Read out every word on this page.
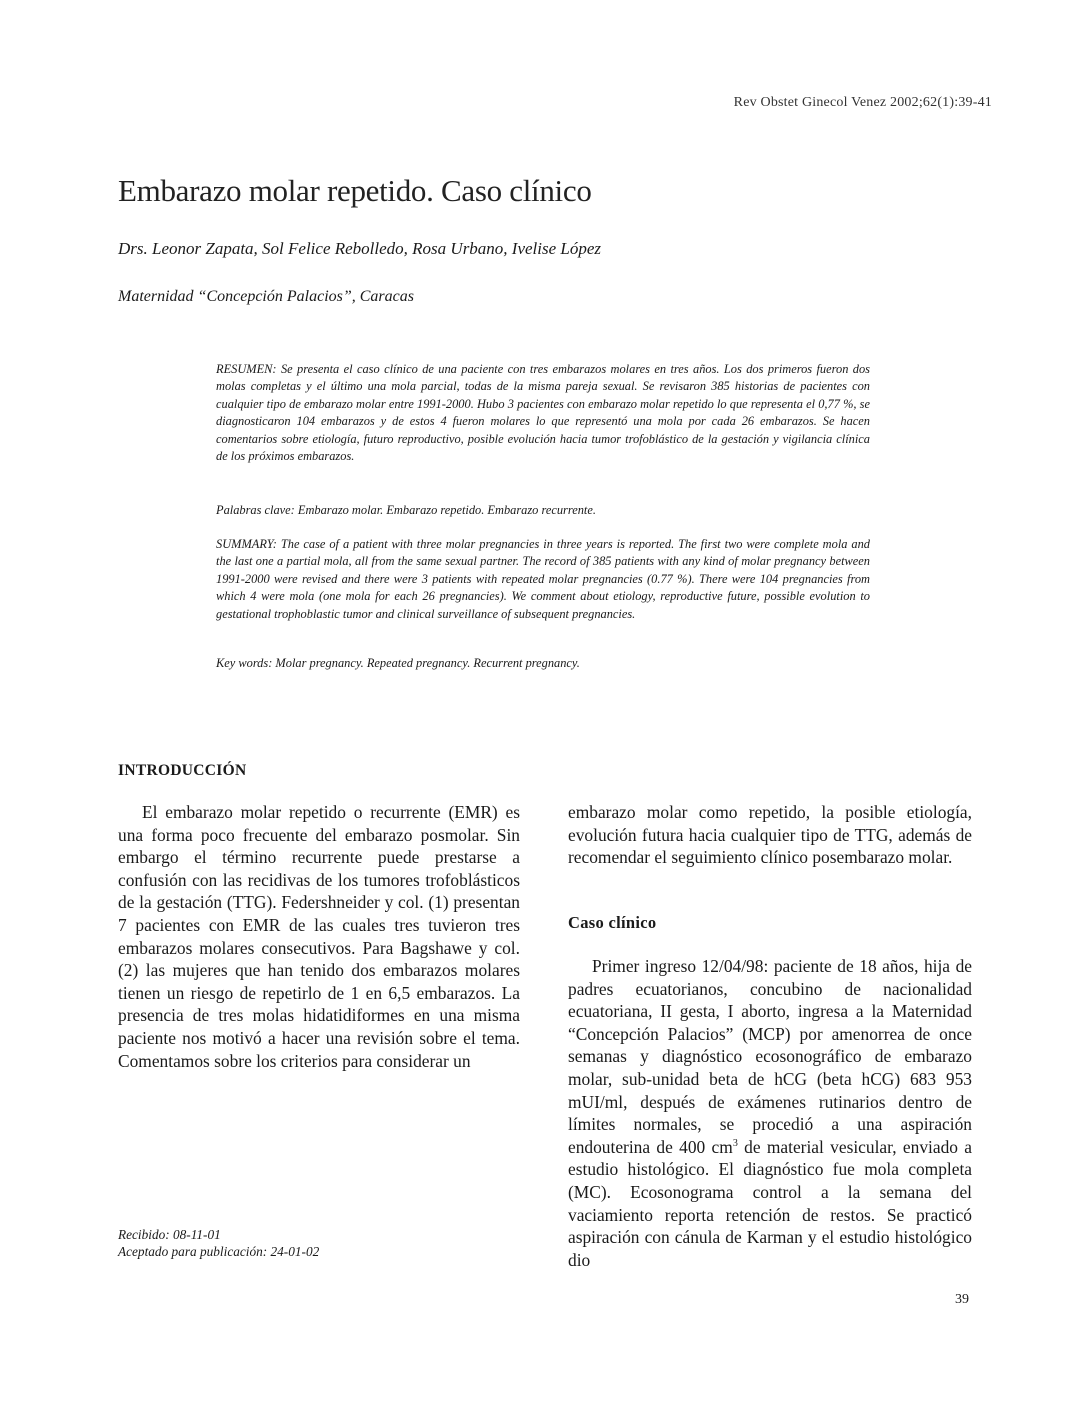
Rev Obstet Ginecol Venez 2002;62(1):39-41
Embarazo molar repetido. Caso clínico
Drs. Leonor Zapata, Sol Felice Rebolledo, Rosa Urbano, Ivelise López
Maternidad “Concepción Palacios”, Caracas
RESUMEN: Se presenta el caso clínico de una paciente con tres embarazos molares en tres años. Los dos primeros fueron dos molas completas y el último una mola parcial, todas de la misma pareja sexual. Se revisaron 385 historias de pacientes con cualquier tipo de embarazo molar entre 1991-2000. Hubo 3 pacientes con embarazo molar repetido lo que representa el 0,77 %, se diagnosticaron 104 embarazos y de estos 4 fueron molares lo que representó una mola por cada 26 embarazos. Se hacen comentarios sobre etiología, futuro reproductivo, posible evolución hacia tumor trofoblástico de la gestación y vigilancia clínica de los próximos embarazos.
Palabras clave: Embarazo molar. Embarazo repetido. Embarazo recurrente.
SUMMARY: The case of a patient with three molar pregnancies in three years is reported. The first two were complete mola and the last one a partial mola, all from the same sexual partner. The record of 385 patients with any kind of molar pregnancy between 1991-2000 were revised and there were 3 patients with repeated molar pregnancies (0.77 %). There were 104 pregnancies from which 4 were mola (one mola for each 26 pregnancies). We comment about etiology, reproductive future, possible evolution to gestational trophoblastic tumor and clinical surveillance of subsequent pregnancies.
Key words: Molar pregnancy. Repeated pregnancy. Recurrent pregnancy.
INTRODUCCIÓN

El embarazo molar repetido o recurrente (EMR) es una forma poco frecuente del embarazo posmolar. Sin embargo el término recurrente puede prestarse a confusión con las recidivas de los tumores trofoblásticos de la gestación (TTG). Federshneider y col. (1) presentan 7 pacientes con EMR de las cuales tres tuvieron tres embarazos molares consecutivos. Para Bagshawe y col. (2) las mujeres que han tenido dos embarazos molares tienen un riesgo de repetirlo de 1 en 6,5 embarazos. La presencia de tres molas hidatidiformes en una misma paciente nos motivó a hacer una revisión sobre el tema. Comentamos sobre los criterios para considerar un

embarazo molar como repetido, la posible etiología, evolución futura hacia cualquier tipo de TTG, además de recomendar el seguimiento clínico posembarazo molar.

Caso clínico

Primer ingreso 12/04/98: paciente de 18 años, hija de padres ecuatorianos, concubino de nacionalidad ecuatoriana, II gesta, I aborto, ingresa a la Maternidad “Concepción Palacios” (MCP) por amenorrea de once semanas y diagnóstico ecosonográfico de embarazo molar, sub-unidad beta de hCG (beta hCG) 683 953 mUI/ml, después de exámenes rutinarios dentro de límites normales, se procedió a una aspiración endouterina de 400 $cm^3$ de material vesicular, enviado a estudio histológico. El diagnóstico fue mola completa (MC). Ecosonograma control a la semana del vaciamiento reporta retención de restos. Se practicó aspiración con cánula de Karman y el estudio histológico dio

Recibido: 08-11-01
Aceptado para publicación: 24-01-02
39
